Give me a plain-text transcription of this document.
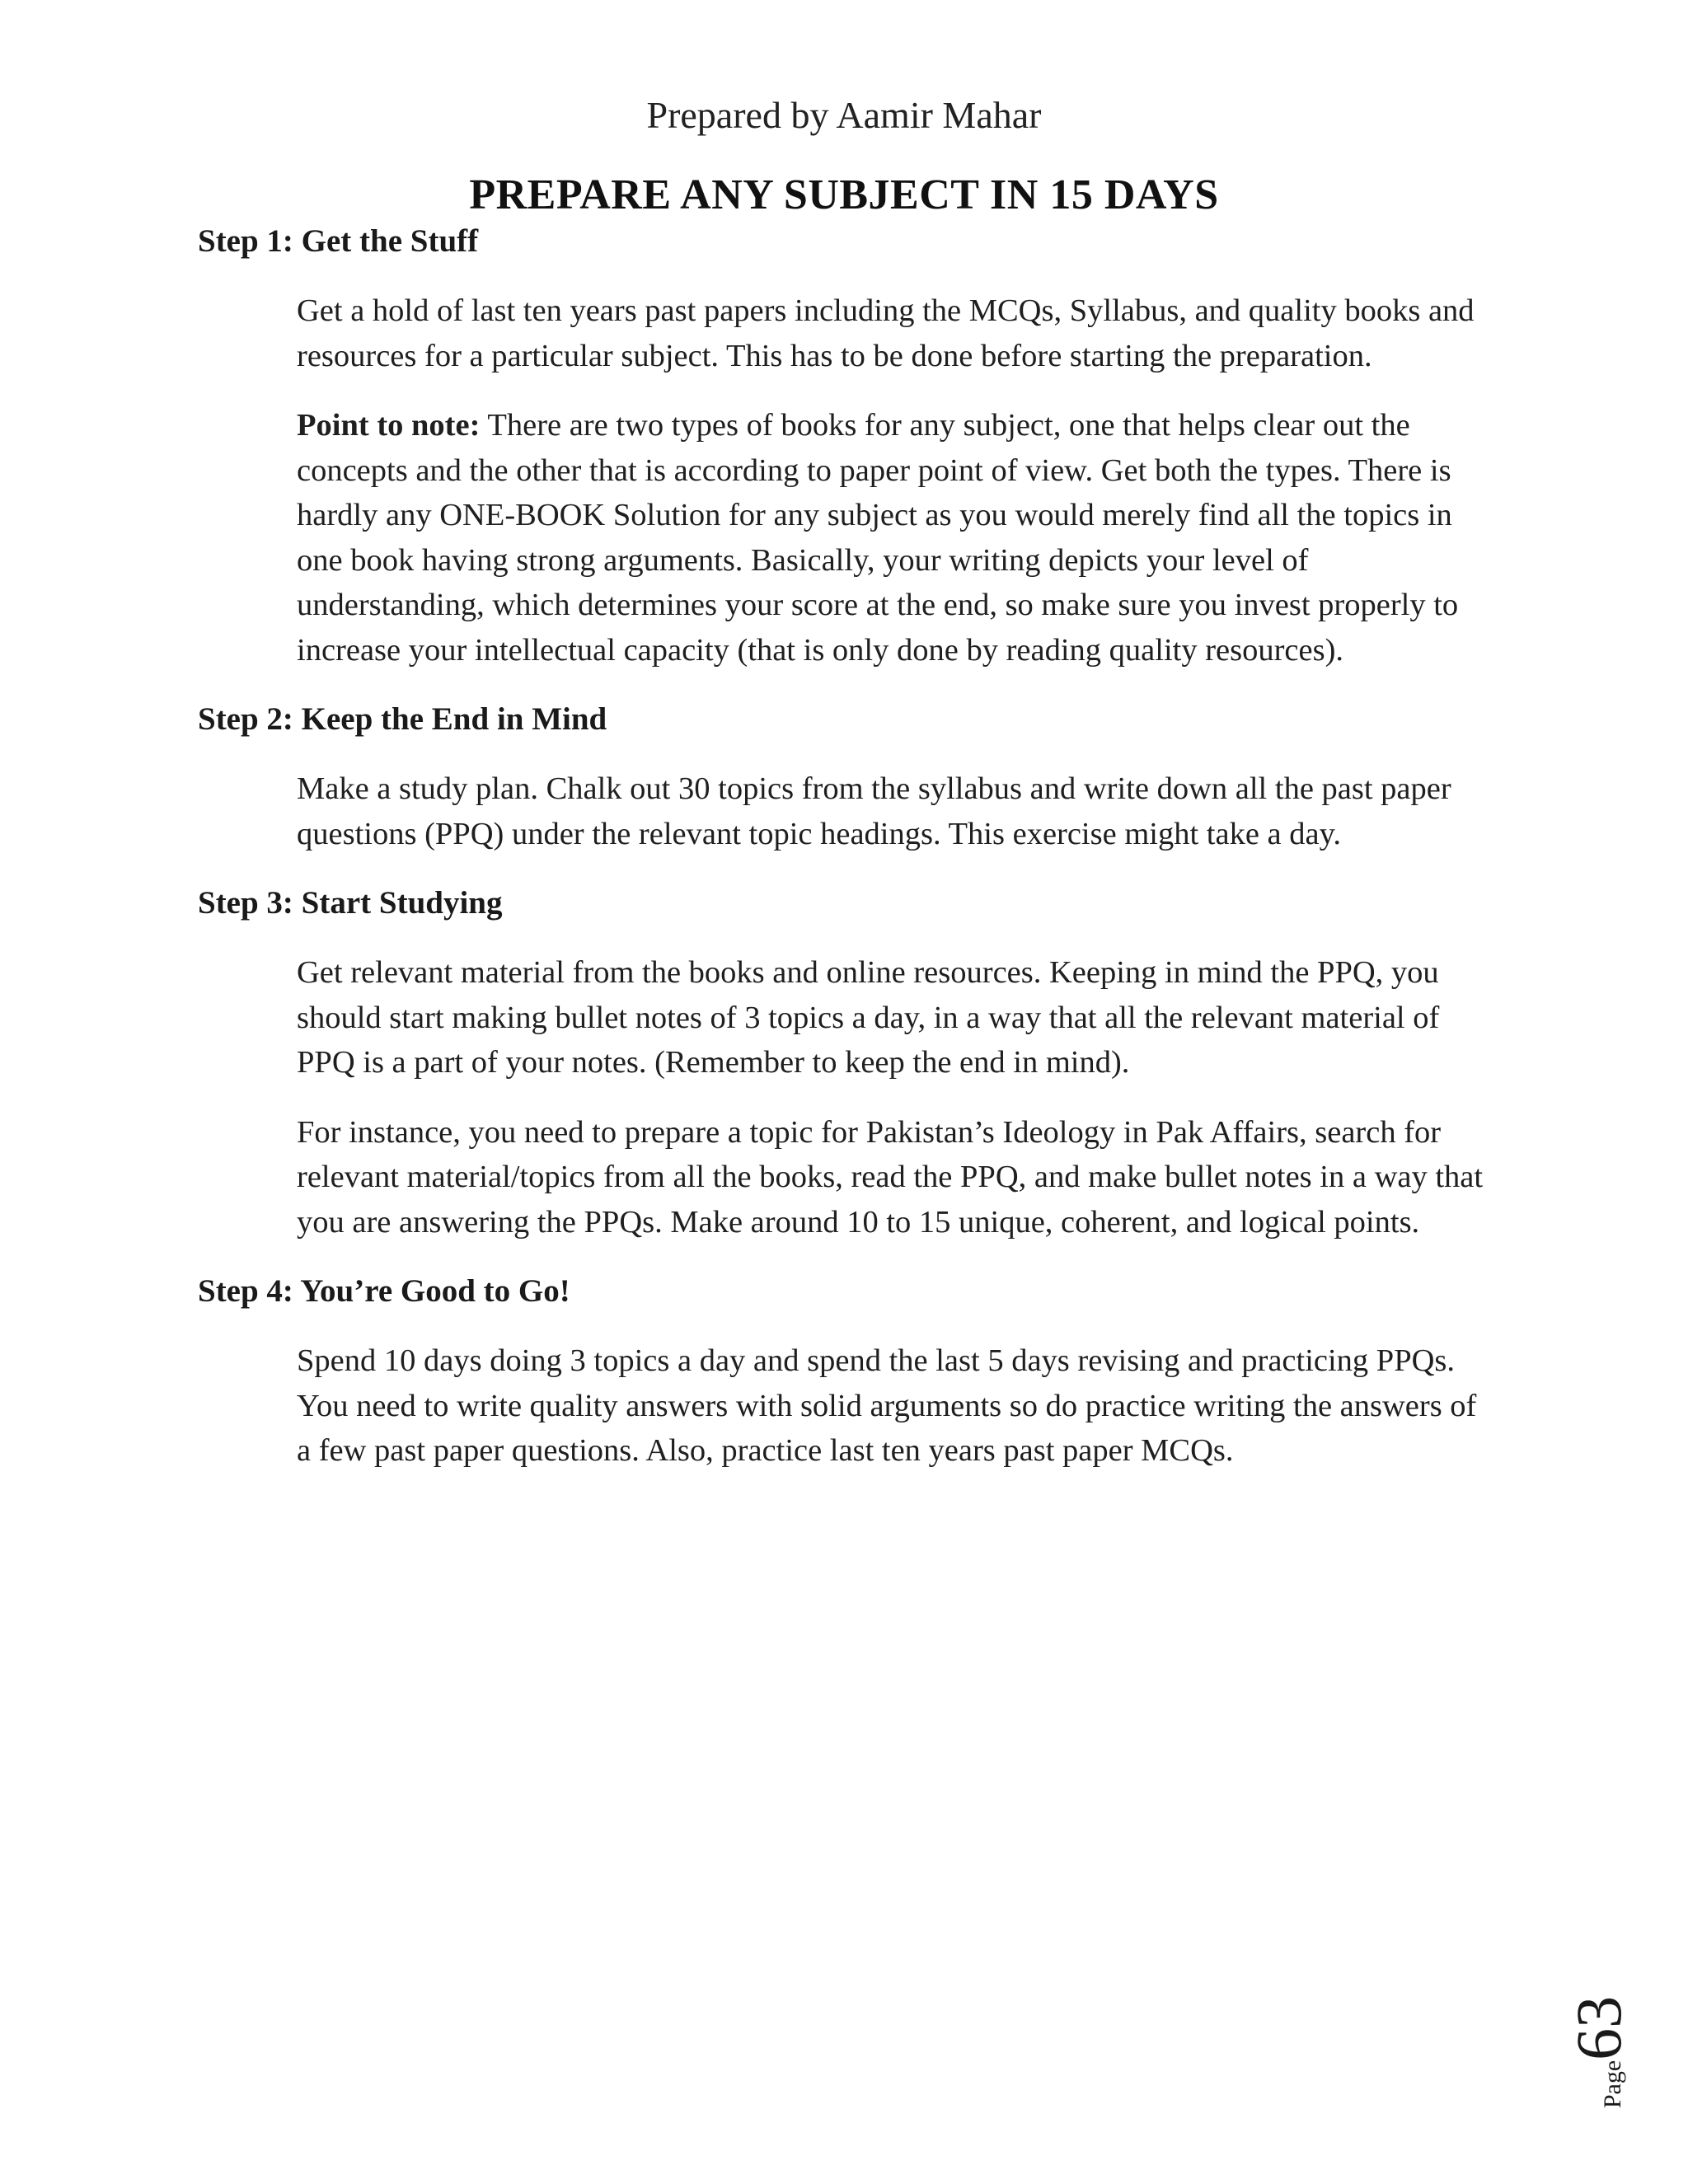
Prepared by Aamir Mahar
PREPARE ANY SUBJECT IN 15 DAYS
Step 1: Get the Stuff

Get a hold of last ten years past papers including the MCQs, Syllabus, and quality books and resources for a particular subject. This has to be done before starting the preparation.

Point to note: There are two types of books for any subject, one that helps clear out the concepts and the other that is according to paper point of view. Get both the types. There is hardly any ONE-BOOK Solution for any subject as you would merely find all the topics in one book having strong arguments. Basically, your writing depicts your level of understanding, which determines your score at the end, so make sure you invest properly to increase your intellectual capacity (that is only done by reading quality resources).

Step 2: Keep the End in Mind

Make a study plan. Chalk out 30 topics from the syllabus and write down all the past paper questions (PPQ) under the relevant topic headings. This exercise might take a day.

Step 3: Start Studying

Get relevant material from the books and online resources. Keeping in mind the PPQ, you should start making bullet notes of 3 topics a day, in a way that all the relevant material of PPQ is a part of your notes. (Remember to keep the end in mind).

For instance, you need to prepare a topic for Pakistan’s Ideology in Pak Affairs, search for relevant material/topics from all the books, read the PPQ, and make bullet notes in a way that you are answering the PPQs. Make around 10 to 15 unique, coherent, and logical points.

Step 4: You’re Good to Go!

Spend 10 days doing 3 topics a day and spend the last 5 days revising and practicing PPQs. You need to write quality answers with solid arguments so do practice writing the answers of a few past paper questions. Also, practice last ten years past paper MCQs.

Page63
